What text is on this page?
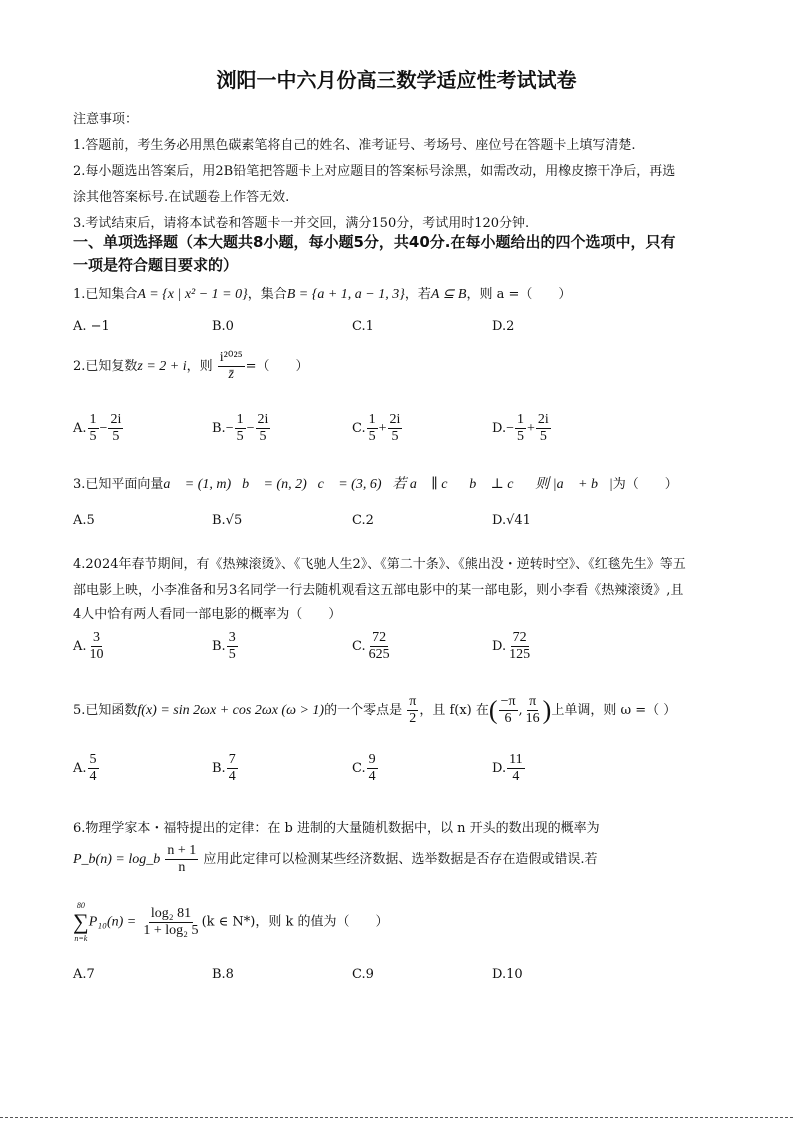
浏阳一中六月份高三数学适应性考试试卷
注意事项：
1.答题前，考生务必用黑色碳素笔将自己的姓名、准考证号、考场号、座位号在答题卡上填写清楚.
2.每小题选出答案后，用2B铅笔把答题卡上对应题目的答案标号涂黑，如需改动，用橡皮擦干净后，再选
涂其他答案标号.在试题卷上作答无效.
3.考试结束后，请将本试卷和答题卡一并交回，满分150分，考试用时120分钟.
一、单项选择题（本大题共8小题，每小题5分，共40分.在每小题给出的四个选项中，只有
一项是符合题目要求的）
1.已知集合A = {x | x² − 1 = 0}，集合B = {a + 1, a − 1, 3}，若A ⊆ B，则 a =（　　）
A. −1	B.0	C.1	D.2
2.已知复数z = 2 + i，则 $\frac{\text{i²⁰²⁵}}{z̄}$ =（　　）
A. $\frac{1}{5} - \frac{2i}{5}$	$B.- \frac{1}{5} - \frac{2i}{5}$	C. $\frac{1}{5} + \frac{2i}{5}$	$D.- \frac{1}{5} + \frac{2i}{5}$
3.已知平面向量a⃗ = (1, m)，b⃗ = (n, 2)，c⃗ = (3, 6)，若 a⃗ ∥ c⃗，b⃗ ⊥ c⃗，则 |a⃗ + b⃗|为（　　）
A.5	B.√5	C.2	D.√41
4.2024年春节期间，有《热辣滚烫》、《飞驰人生2》、《第二十条》、《熊出没・逆转时空》、《红毯先生》等五
部电影上映，小李准备和另3名同学一行去随机观看这五部电影中的某一部电影，则小李看《热辣滚烫》,且
4人中恰有两人看同一部电影的概率为（　　）
A. $\frac{3}{10}$	B. $\frac{3}{5}$	C. $\frac{72}{625}$	D. $\frac{72}{125}$
5.已知函数f(x) = sin 2ωx + cos 2ωx (ω > 1)的一个零点是 $\frac{\pi}{2}$ ，且 f(x) 在( $\frac{-\pi}{6}$ , $\frac{\pi}{16}$ )上单调，则 ω =（ ）
A. $\frac{5}{4}$	B. $\frac{7}{4}$	C. $\frac{9}{4}$	D. $\frac{11}{4}$
6.物理学家本・福特提出的定律：在 b 进制的大量随机数据中，以 n 开头的数出现的概率为
P_b(n) = log_b $\frac{n + 1}{n}$ 应用此定律可以检测某些经济数据、选举数据是否存在造假或错误.若
80
∑
n=k
$P_{10}(n) = \frac{\text{log₂ 81}}{\text{1 + log₂ 5}} (k$ ∈ N*)，则 k 的值为（　　）
A.7	B.8	C.9	D.10
